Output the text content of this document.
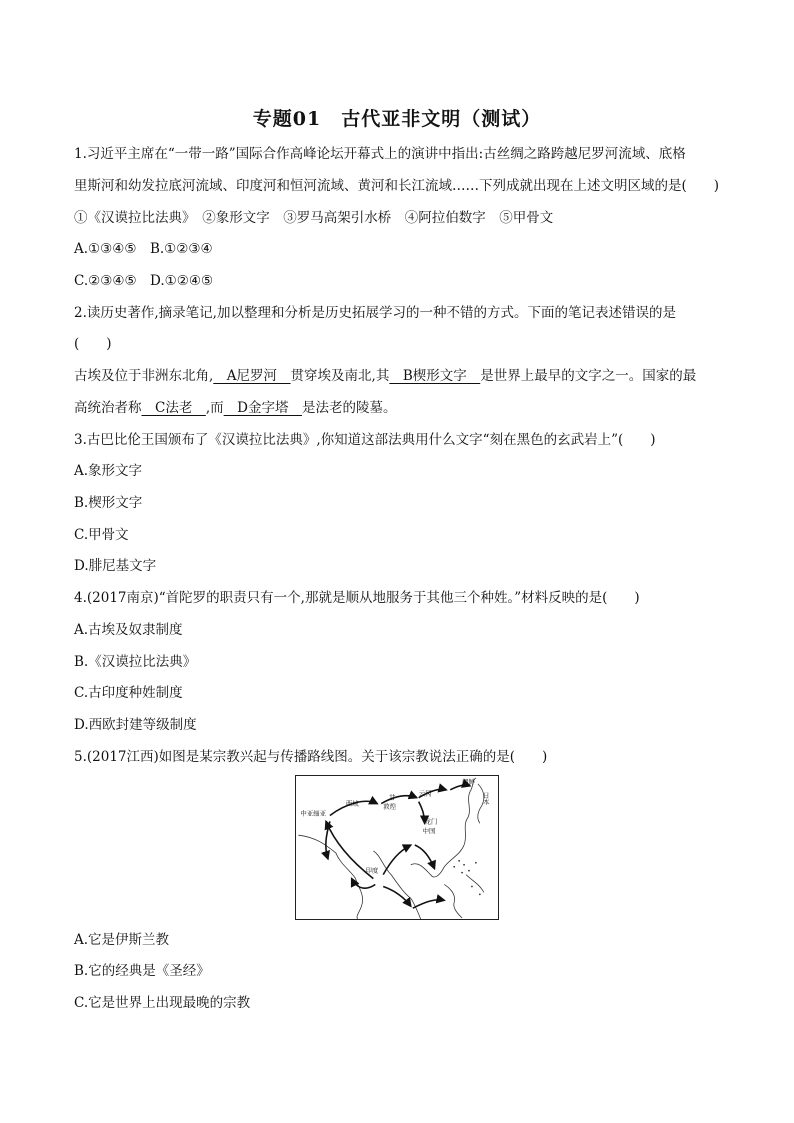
专题01　古代亚非文明（测试）
1.习近平主席在“一带一路”国际合作高峰论坛开幕式上的演讲中指出:古丝绸之路跨越尼罗河流域、底格
里斯河和幼发拉底河流域、印度河和恒河流域、黄河和长江流域……下列成就出现在上述文明区域的是(　　)
①《汉谟拉比法典》　②象形文字　③罗马高架引水桥　④阿拉伯数字　⑤甲骨文
A.①③④⑤　B.①②③④
C.②③④⑤　D.①②④⑤
2.读历史著作,摘录笔记,加以整理和分析是历史拓展学习的一种不错的方式。下面的笔记表述错误的是
(　　)
古埃及位于非洲东北角,　A尼罗河　贯穿埃及南北,其　B楔形文字　是世界上最早的文字之一。国家的最
高统治者称　C法老　,而　D金字塔　是法老的陵墓。
3.古巴比伦王国颁布了《汉谟拉比法典》,你知道这部法典用什么文字“刻在黑色的玄武岩上”(　　)
A.象形文字
B.楔形文字
C.甲骨文
D.腓尼基文字
4.(2017南京)“首陀罗的职责只有一个,那就是顺从地服务于其他三个种姓。”材料反映的是(　　)
A.古埃及奴隶制度
B.《汉谟拉比法典》
C.古印度种姓制度
D.西欧封建等级制度
5.(2017江西)如图是某宗教兴起与传播路线图。关于该宗教说法正确的是(　　)
中亚细亚
西域
甘
敦煌
云冈
龙门
中国
朝鲜
日本
印度
A.它是伊斯兰教
B.它的经典是《圣经》
C.它是世界上出现最晚的宗教
